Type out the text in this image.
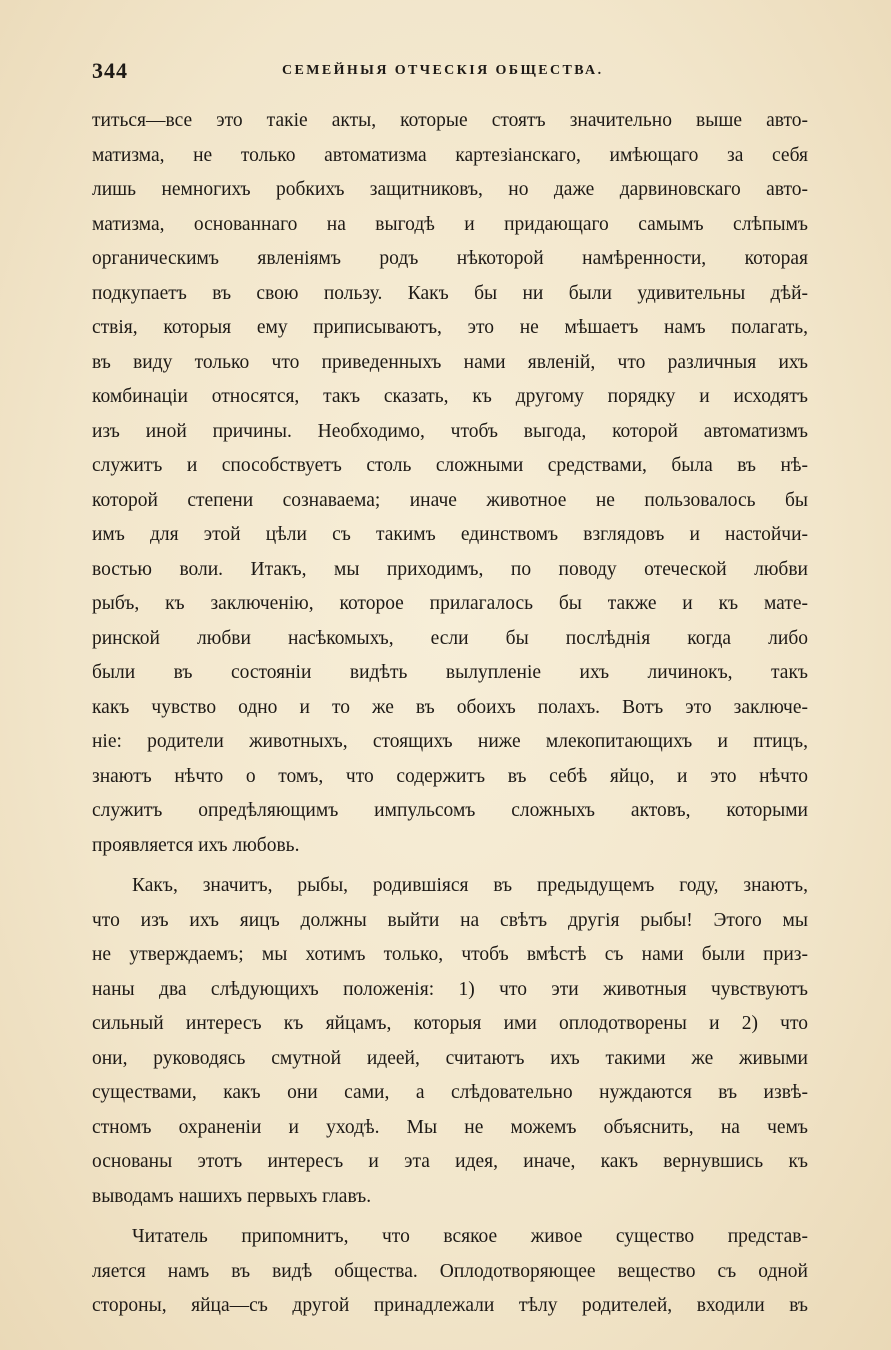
344	СЕМЕЙНЫЯ ОТЧЕСКІЯ ОБЩЕСТВА.
титься—все это такіе акты, которые стоятъ значительно выше авто-
матизма, не только автоматизма картезіанскаго, имѣющаго за себя
лишь немногихъ робкихъ защитниковъ, но даже дарвиновскаго авто-
матизма, основаннаго на выгодѣ и придающаго самымъ слѣпымъ
органическимъ явленіямъ родъ нѣкоторой намѣренности, которая
подкупаетъ въ свою пользу. Какъ бы ни были удивительны дѣй-
ствія, которыя ему приписываютъ, это не мѣшаетъ намъ полагать,
въ виду только что приведенныхъ нами явленій, что различныя ихъ
комбинаціи относятся, такъ сказать, къ другому порядку и исходятъ
изъ иной причины. Необходимо, чтобъ выгода, которой автоматизмъ
служитъ и способствуетъ столь сложными средствами, была въ нѣ-
которой степени сознаваема; иначе животное не пользовалось бы
имъ для этой цѣли съ такимъ единствомъ взглядовъ и настойчи-
востью воли. Итакъ, мы приходимъ, по поводу отеческой любви
рыбъ, къ заключенію, которое прилагалось бы также и къ мате-
ринской любви насѣкомыхъ, если бы послѣднія когда либо
были въ состояніи видѣть вылупленіе ихъ личинокъ, такъ
какъ чувство одно и то же въ обоихъ полахъ. Вотъ это заключе-
ніе: родители животныхъ, стоящихъ ниже млекопитающихъ и птицъ,
знаютъ нѣчто о томъ, что содержитъ въ себѣ яйцо, и это нѣчто
служитъ опредѣляющимъ импульсомъ сложныхъ актовъ, которыми
проявляется ихъ любовь.
Какъ, значитъ, рыбы, родившіяся въ предыдущемъ году, знаютъ,
что изъ ихъ яицъ должны выйти на свѣтъ другія рыбы! Этого мы
не утверждаемъ; мы хотимъ только, чтобъ вмѣстѣ съ нами были приз-
наны два слѣдующихъ положенія: 1) что эти животныя чувствуютъ
сильный интересъ къ яйцамъ, которыя ими оплодотворены и 2) что
они, руководясь смутной идеей, считаютъ ихъ такими же живыми
существами, какъ они сами, а слѣдовательно нуждаются въ извѣ-
стномъ охраненіи и уходѣ. Мы не можемъ объяснить, на чемъ
основаны этотъ интересъ и эта идея, иначе, какъ вернувшись къ
выводамъ нашихъ первыхъ главъ.
Читатель припомнитъ, что всякое живое существо представ-
ляется намъ въ видѣ общества. Оплодотворяющее вещество съ одной
стороны, яйца—съ другой принадлежали тѣлу родителей, входили въ
